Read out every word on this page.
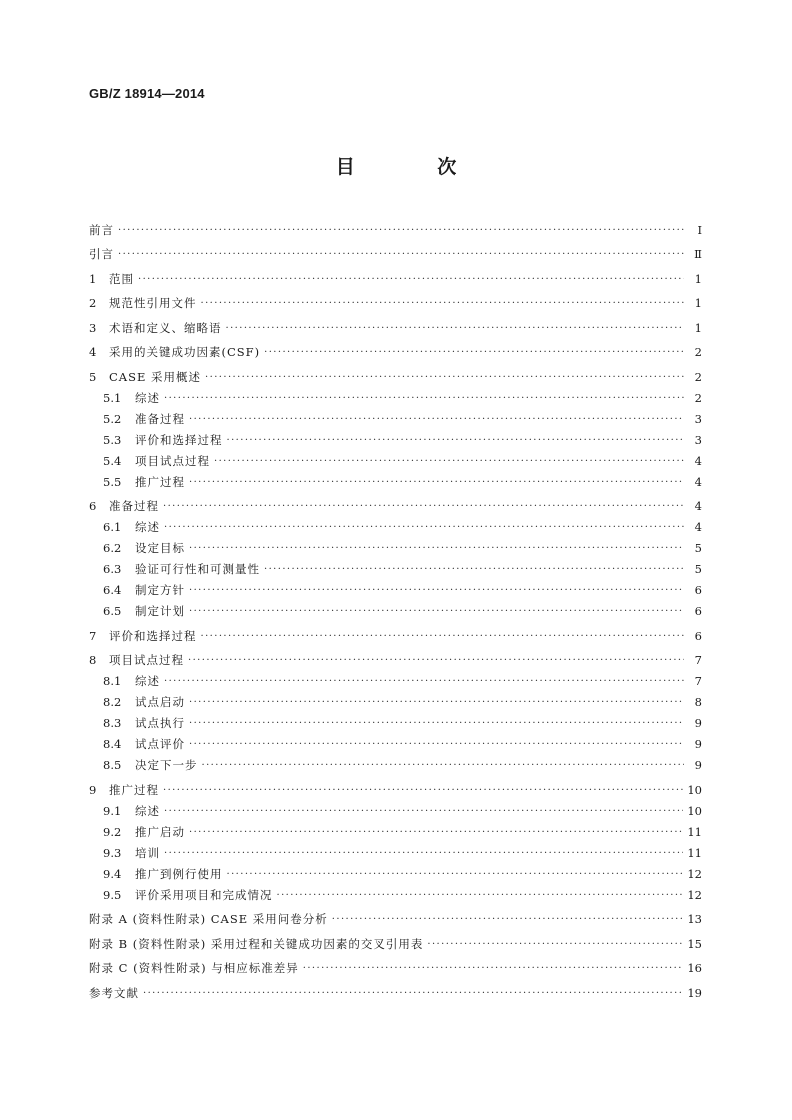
GB/Z 18914—2014
目 次
前言 ·····	Ⅰ
引言 ·····	Ⅱ
1	范围 ·····	1
2	规范性引用文件 ·····	1
3	术语和定义、缩略语 ·····	1
4	采用的关键成功因素(CSF) ·····	2
5	CASE 采用概述 ·····	2
5.1	综述 ·····	2
5.2	准备过程 ·····	3
5.3	评价和选择过程 ·····	3
5.4	项目试点过程 ·····	4
5.5	推广过程 ·····	4
6	准备过程 ·····	4
6.1	综述 ·····	4
6.2	设定目标 ·····	5
6.3	验证可行性和可测量性 ·····	5
6.4	制定方针 ·····	6
6.5	制定计划 ·····	6
7	评价和选择过程 ·····	6
8	项目试点过程 ·····	7
8.1	综述 ·····	7
8.2	试点启动 ·····	8
8.3	试点执行 ·····	9
8.4	试点评价 ·····	9
8.5	决定下一步 ·····	9
9	推广过程 ·····	10
9.1	综述 ·····	10
9.2	推广启动 ·····	11
9.3	培训 ·····	11
9.4	推广到例行使用 ·····	12
9.5	评价采用项目和完成情况 ·····	12
附录 A (资料性附录) CASE 采用问卷分析 ·····	13
附录 B (资料性附录) 采用过程和关键成功因素的交叉引用表 ·····	15
附录 C (资料性附录) 与相应标准差异 ·····	16
参考文献 ·····	19
